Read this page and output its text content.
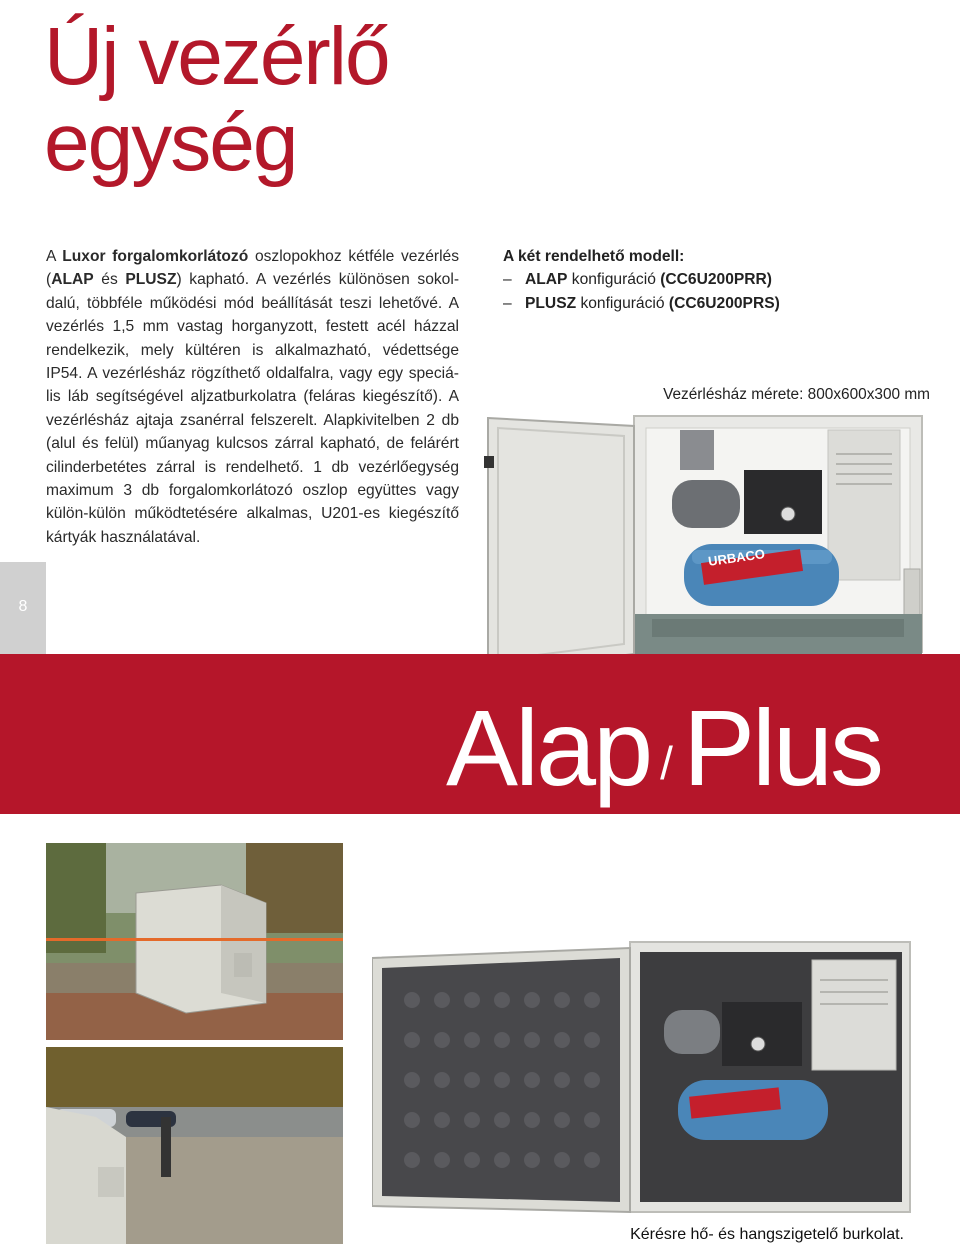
Új vezérlő
egység
A Luxor forgalomkorlátozó oszlopokhoz kétféle vezérlés (ALAP és PLUSZ) kapható. A vezérlés különösen sokoldalú, többféle működési mód beállítását teszi lehetővé. A vezérlés 1,5 mm vastag horganyzott, festett acél házzal rendelkezik, mely kültéren is alkalmazható, védettsége IP54. A vezérlésház rögzíthető oldalfalra, vagy egy speciális láb segítségével aljzatburkolatra (feláras kiegészítő). A vezérlésház ajtaja zsanérral felszerelt. Alapkivitelben 2 db (alul és felül) műanyag kulcsos zárral kapható, de felárért cilinderbetétes zárral is rendelhető. 1 db vezérlőegység maximum 3 db forgalomkorlátozó oszlop együttes vagy külön-külön működtetésére alkalmas, U201-es kiegészítő kártyák használatával.
A két rendelhető modell:
– ALAP konfiguráció (CC6U200PRR)
– PLUSZ konfiguráció (CC6U200PRS)
Vezérlésház mérete: 800x600x300 mm
URBACO
8
Alap /Plus
Kérésre hő- és hangszigetelő burkolat.
